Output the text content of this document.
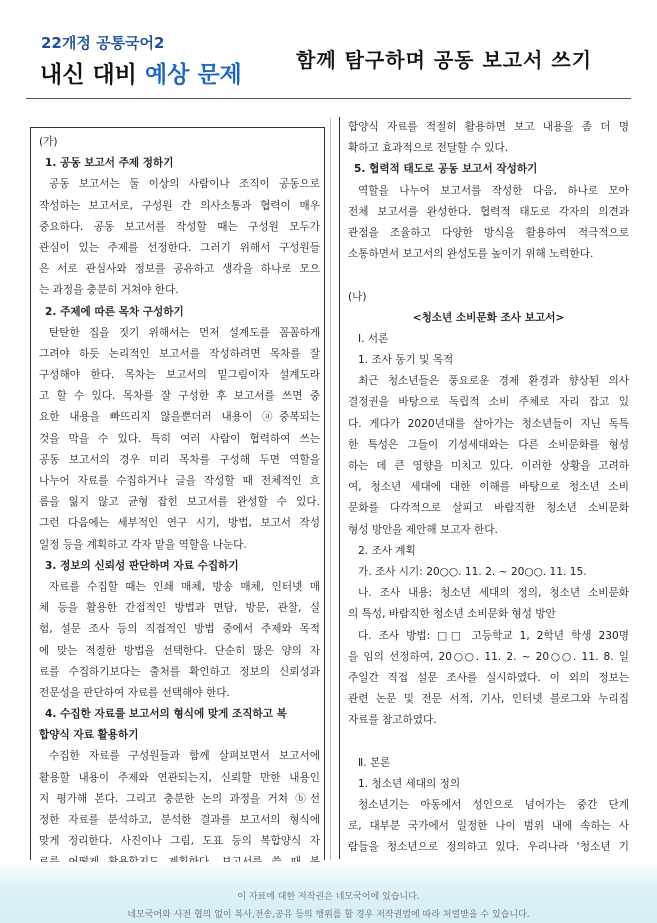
22개정 공통국어2
내신 대비 예상 문제
함께 탐구하며 공동 보고서 쓰기
(가)
1. 공동 보고서 주제 정하기
공동 보고서는 둘 이상의 사람이나 조직이 공동으로
작성하는 보고서로, 구성원 간 의사소통과 협력이 매우
중요하다. 공동 보고서를 작성할 때는 구성원 모두가
관심이 있는 주제를 선정한다. 그러기 위해서 구성원들
은 서로 관심사와 정보를 공유하고 생각을 하나로 모으
는 과정을 충분히 거쳐야 한다.
2. 주제에 따른 목차 구성하기
탄탄한 집을 짓기 위해서는 먼저 설계도를 꼼꼼하게
그려야 하듯 논리적인 보고서를 작성하려면 목차를 잘
구성해야 한다. 목차는 보고서의 밑그림이자 설계도라
고 할 수 있다. 목차를 잘 구성한 후 보고서를 쓰면 중
요한 내용을 빠뜨리지 않을뿐더러 내용이 ⓐ중복되는
것을 막을 수 있다. 특히 여러 사람이 협력하여 쓰는
공동 보고서의 경우 미리 목차를 구성해 두면 역할을
나누어 자료를 수집하거나 글을 작성할 때 전체적인 흐
름을 잃지 않고 균형 잡힌 보고서를 완성할 수 있다.
그런 다음에는 세부적인 연구 시기, 방법, 보고서 작성
일정 등을 계획하고 각자 맡을 역할을 나눈다.
3. 정보의 신뢰성 판단하며 자료 수집하기
자료를 수집할 때는 인쇄 매체, 방송 매체, 인터넷 매
체 등을 활용한 간접적인 방법과 면담, 방문, 관찰, 실
험, 설문 조사 등의 직접적인 방법 중에서 주제와 목적
에 맞는 적절한 방법을 선택한다. 단순히 많은 양의 자
료를 수집하기보다는 출처를 확인하고 정보의 신뢰성과
전문성을 판단하여 자료를 선택해야 한다.
4. 수집한 자료를 보고서의 형식에 맞게 조직하고 복
합양식 자료 활용하기
수집한 자료를 구성원들과 함께 살펴보면서 보고서에
활용할 내용이 주제와 연관되는지, 신뢰할 만한 내용인
지 평가해 본다. 그리고 충분한 논의 과정을 거쳐 ⓑ선
정한 자료를 분석하고, 분석한 결과를 보고서의 형식에
맞게 정리한다. 사진이나 그림, 도표 등의 복합양식 자
합양식 자료를 적절히 활용하면 보고 내용을 좀 더 명
확하고 효과적으로 전달할 수 있다.
5. 협력적 태도로 공동 보고서 작성하기
역할을 나누어 보고서를 작성한 다음, 하나로 모아
전체 보고서를 완성한다. 협력적 태도로 각자의 의견과
관점을 조율하고 다양한 방식을 활용하여 적극적으로
소통하면서 보고서의 완성도를 높이기 위해 노력한다.
(나)
<청소년 소비문화 조사 보고서>
Ⅰ. 서론
1. 조사 동기 및 목적
최근 청소년들은 풍요로운 경제 환경과 향상된 의사
결정권을 바탕으로 독립적 소비 주체로 자리 잡고 있
다. 게다가 2020년대를 살아가는 청소년들이 지닌 독특
한 특성은 그들이 기성세대와는 다른 소비문화를 형성
하는 데 큰 영향을 미치고 있다. 이러한 상황을 고려하
여, 청소년 세대에 대한 이해를 바탕으로 청소년 소비
문화를 다각적으로 살피고 바람직한 청소년 소비문화
형성 방안을 제안해 보고자 한다.
2. 조사 계획
가. 조사 시기: 20○○. 11. 2. ~ 20○○. 11. 15.
나. 조사 내용: 청소년 세대의 정의, 청소년 소비문화
의 특성, 바람직한 청소년 소비문화 형성 방안
다. 조사 방법: □□ 고등학교 1, 2학년 학생 230명
을 임의 선정하여, 20○○. 11. 2. ~ 20○○. 11. 8. 일
주일간 직접 설문 조사를 실시하였다. 이 외의 정보는
관련 논문 및 전문 서적, 기사, 인터넷 블로그와 누리집
자료를 참고하였다.
Ⅱ. 본론
1. 청소년 세대의 정의
청소년기는 아동에서 성인으로 넘어가는 중간 단계
로, 대부분 국가에서 일정한 나이 범위 내에 속하는 사
람들을 청소년으로 정의하고 있다. 우리나라 ‘청소년 기
이 자료에 대한 저작권은 네모국어에 있습니다.
네모국어와 사전 협의 없이 복사,전송,공유 등의 행위를 할 경우 저작권법에 따라 처벌받을 수 있습니다.
